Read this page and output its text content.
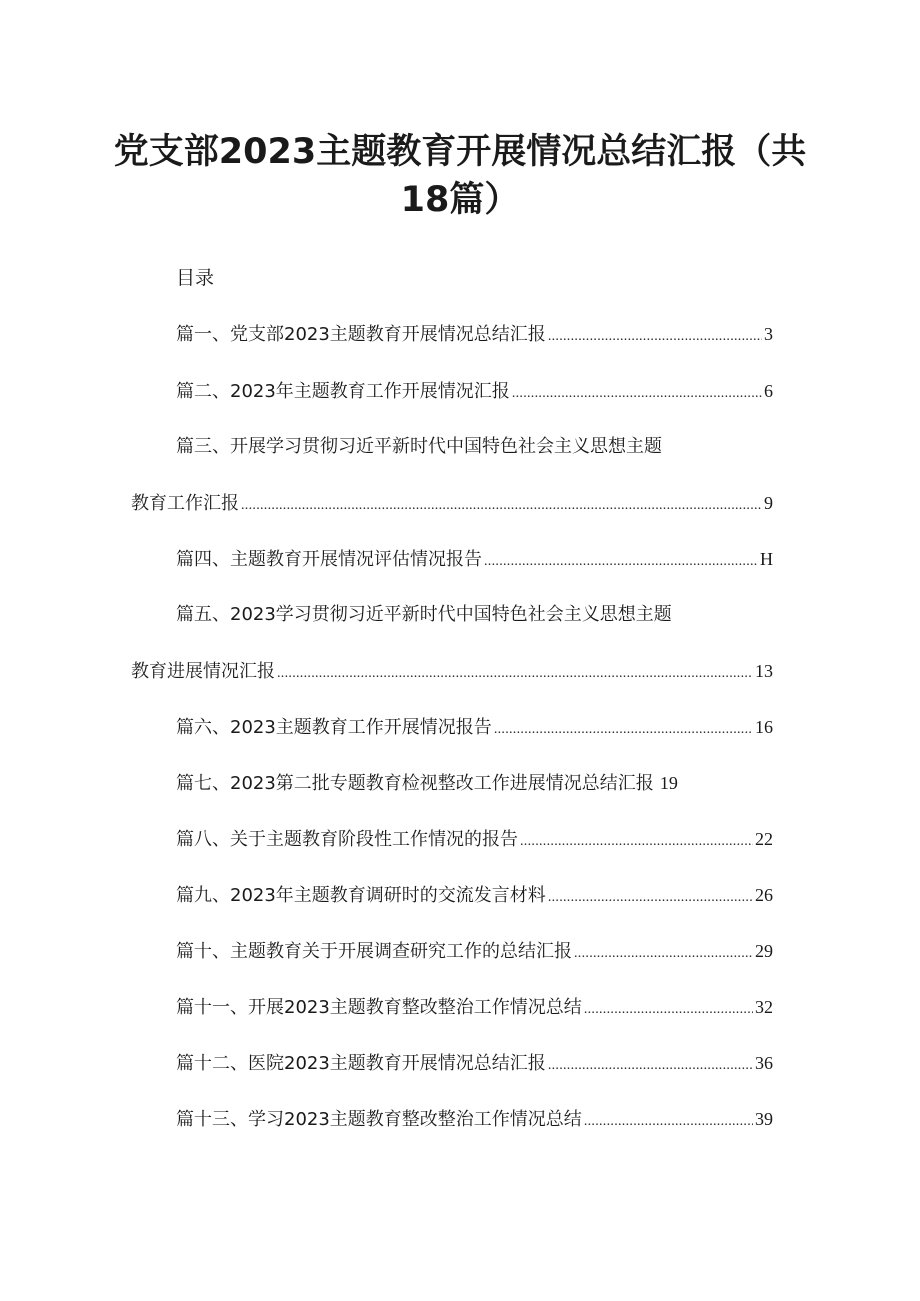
党支部2023主题教育开展情况总结汇报（共
18篇）
目录
篇一、党支部2023主题教育开展情况总结汇报 .....	3
篇二、2023年主题教育工作开展情况汇报 .....	6
篇三、开展学习贯彻习近平新时代中国特色社会主义思想主题
教育工作汇报 .....	9
篇四、主题教育开展情况评估情况报告 .....	H
篇五、2023学习贯彻习近平新时代中国特色社会主义思想主题
教育进展情况汇报 .....	13
篇六、2023主题教育工作开展情况报告 .....	16
篇七、2023第二批专题教育检视整改工作进展情况总结汇报 19
篇八、关于主题教育阶段性工作情况的报告 .....	22
篇九、2023年主题教育调研时的交流发言材料 .....	26
篇十、主题教育关于开展调查研究工作的总结汇报 .....	29
篇十一、开展2023主题教育整改整治工作情况总结 .....	32
篇十二、医院2023主题教育开展情况总结汇报 .....	36
篇十三、学习2023主题教育整改整治工作情况总结 .....	39
